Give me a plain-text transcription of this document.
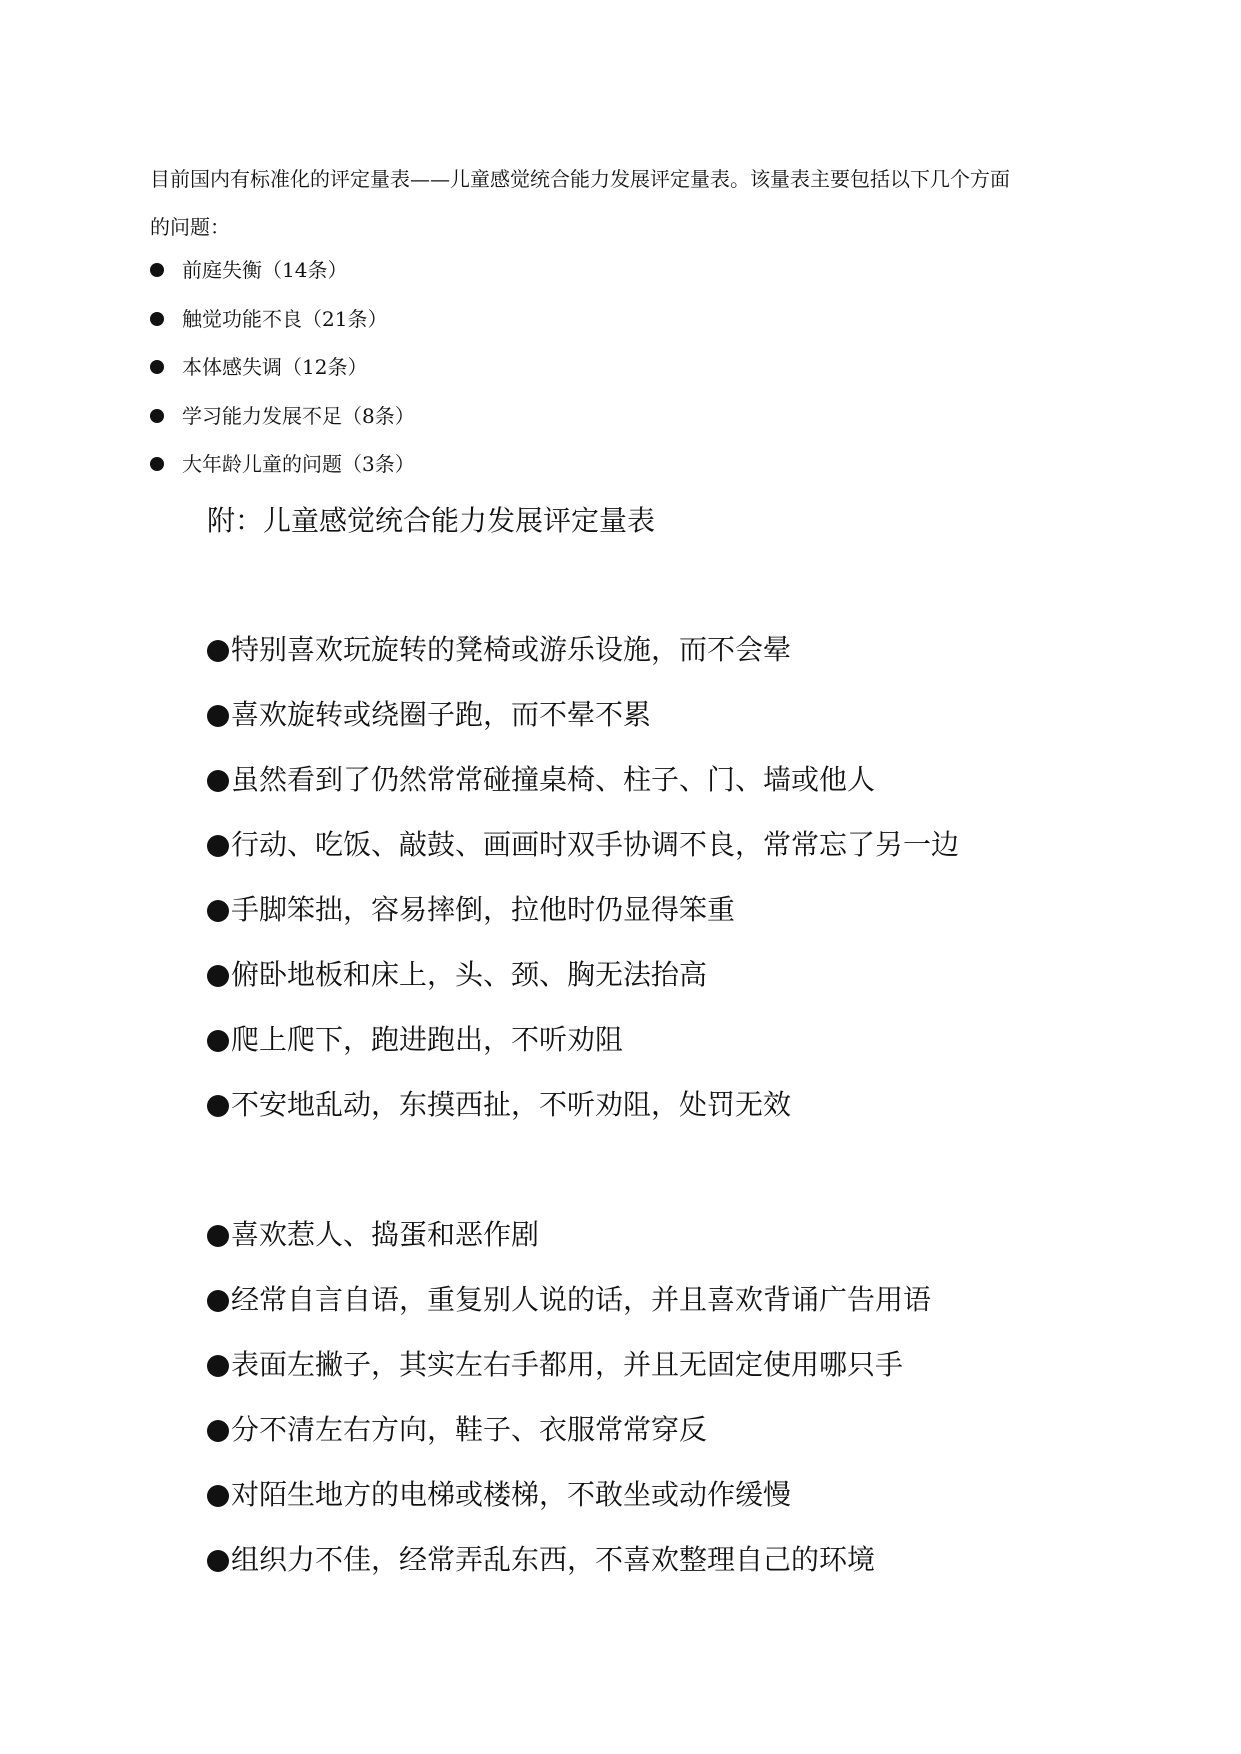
目前国内有标准化的评定量表——儿童感觉统合能力发展评定量表。该量表主要包括以下几个方面

的问题：

前庭失衡（14条）
触觉功能不良（21条）
本体感失调（12条）
学习能力发展不足（8条）
大年龄儿童的问题（3条）
附：儿童感觉统合能力发展评定量表
特别喜欢玩旋转的凳椅或游乐设施，而不会晕
喜欢旋转或绕圈子跑，而不晕不累
虽然看到了仍然常常碰撞桌椅、柱子、门、墙或他人
行动、吃饭、敲鼓、画画时双手协调不良，常常忘了另一边
手脚笨拙，容易摔倒，拉他时仍显得笨重
俯卧地板和床上，头、颈、胸无法抬高
爬上爬下，跑进跑出，不听劝阻
不安地乱动，东摸西扯，不听劝阻，处罚无效
喜欢惹人、捣蛋和恶作剧
经常自言自语，重复别人说的话，并且喜欢背诵广告用语
表面左撇子，其实左右手都用，并且无固定使用哪只手
分不清左右方向，鞋子、衣服常常穿反
对陌生地方的电梯或楼梯，不敢坐或动作缓慢
组织力不佳，经常弄乱东西，不喜欢整理自己的环境
